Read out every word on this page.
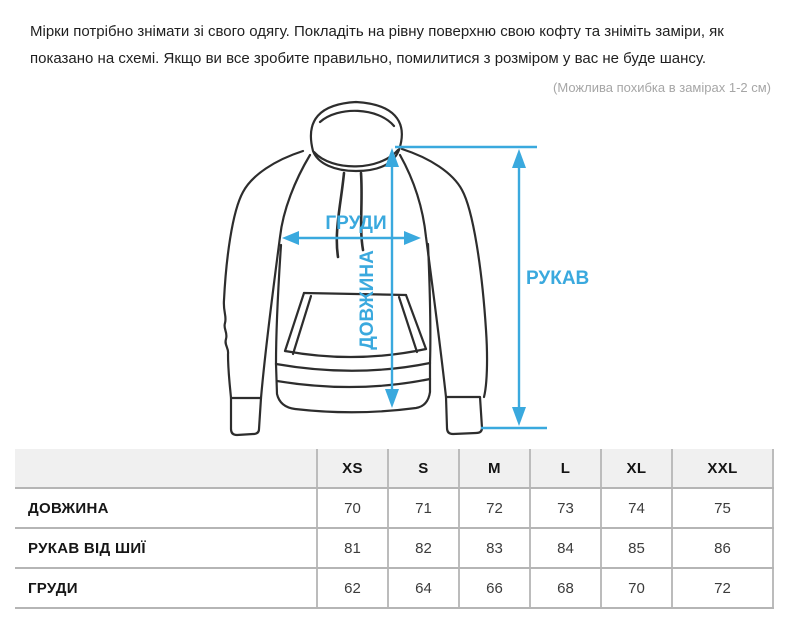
Мірки потрібно знімати зі свого одягу. Покладіть на рівну поверхню свою кофту та зніміть заміри, як показано на схемі. Якщо ви все зробите правильно, помилитися з розміром у вас не буде шансу.

(Можлива похибка в замірах 1-2 см)

ГРУДИ
ДОВЖИНА	РУКАВ
	XS	S	M	L	XL	XXL
ДОВЖИНА	70	71	72	73	74	75
РУКАВ ВІД ШИЇ	81	82	83	84	85	86
ГРУДИ	62	64	66	68	70	72
